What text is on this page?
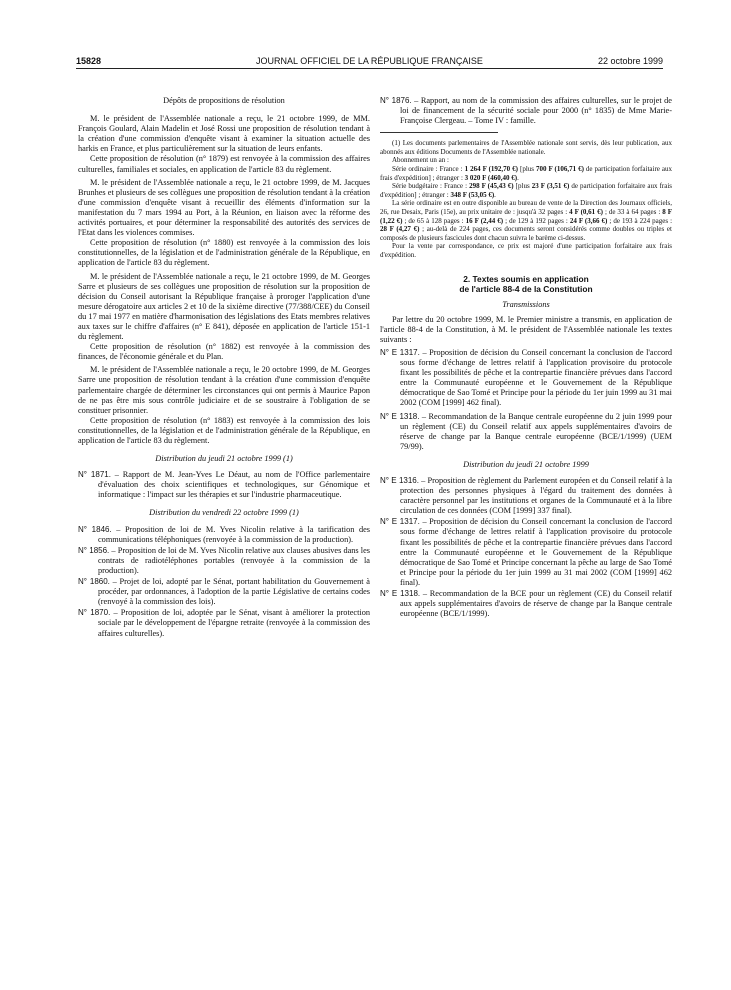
15828	JOURNAL OFFICIEL DE LA RÉPUBLIQUE FRANÇAISE	22 octobre 1999

Dépôts de propositions de résolution

M. le président de l'Assemblée nationale a reçu, le 21 octobre 1999, de MM. François Goulard, Alain Madelin et José Rossi une proposition de résolution tendant à la création d'une commission d'enquête visant à examiner la situation actuelle des harkis en France, et plus particulièrement sur la situation de leurs enfants.

Cette proposition de résolution (n° 1879) est renvoyée à la commission des affaires culturelles, familiales et sociales, en application de l'article 83 du règlement.

M. le président de l'Assemblée nationale a reçu, le 21 octobre 1999, de M. Jacques Brunhes et plusieurs de ses collègues une proposition de résolution tendant à la création d'une commission d'enquête visant à recueillir des éléments d'information sur la manifestation du 7 mars 1994 au Port, à la Réunion, en liaison avec la réforme des activités portuaires, et pour déterminer la responsabilité des autorités des services de l'Etat dans les violences commises.

Cette proposition de résolution (n° 1880) est renvoyée à la commission des lois constitutionnelles, de la législation et de l'administration générale de la République, en application de l'article 83 du règlement.

M. le président de l'Assemblée nationale a reçu, le 21 octobre 1999, de M. Georges Sarre et plusieurs de ses collègues une proposition de résolution sur la proposition de décision du Conseil autorisant la République française à proroger l'application d'une mesure dérogatoire aux articles 2 et 10 de la sixième directive (77/388/CEE) du Conseil du 17 mai 1977 en matière d'harmonisation des législations des Etats membres relatives aux taxes sur le chiffre d'affaires (n° E 841), déposée en application de l'article 151-1 du règlement.

Cette proposition de résolution (n° 1882) est renvoyée à la commission des finances, de l'économie générale et du Plan.

M. le président de l'Assemblée nationale a reçu, le 20 octobre 1999, de M. Georges Sarre une proposition de résolution tendant à la création d'une commission d'enquête parlementaire chargée de déterminer les circonstances qui ont permis à Maurice Papon de ne pas être mis sous contrôle judiciaire et de se soustraire à l'obligation de se constituer prisonnier.

Cette proposition de résolution (n° 1883) est renvoyée à la commission des lois constitutionnelles, de la législation et de l'administration générale de la République, en application de l'article 83 du règlement.

Distribution du jeudi 21 octobre 1999 (1)

N° 1871. – Rapport de M. Jean-Yves Le Déaut, au nom de l'Office parlementaire d'évaluation des choix scientifiques et technologiques, sur Génomique et informatique : l'impact sur les thérapies et sur l'industrie pharmaceutique.

Distribution du vendredi 22 octobre 1999 (1)

N° 1846. – Proposition de loi de M. Yves Nicolin relative à la tarification des communications téléphoniques (renvoyée à la commission de la production).

N° 1856. – Proposition de loi de M. Yves Nicolin relative aux clauses abusives dans les contrats de radiotéléphones portables (renvoyée à la commission de la production).

N° 1860. – Projet de loi, adopté par le Sénat, portant habilitation du Gouvernement à procéder, par ordonnances, à l'adoption de la partie Législative de certains codes (renvoyé à la commission des lois).

N° 1870. – Proposition de loi, adoptée par le Sénat, visant à améliorer la protection sociale par le développement de l'épargne retraite (renvoyée à la commission des affaires culturelles).

N° 1876. – Rapport, au nom de la commission des affaires culturelles, sur le projet de loi de financement de la sécurité sociale pour 2000 (n° 1835) de Mme Marie-Françoise Clergeau. – Tome IV : famille.

(1) Les documents parlementaires de l'Assemblée nationale sont servis, dès leur publication, aux abonnés aux éditions Documents de l'Assemblée nationale.

Abonnement un an :

Série ordinaire : France : 1 264 F (192,70 €) [plus 700 F (106,71 €) de participation forfaitaire aux frais d'expédition] ; étranger : 3 020 F (460,40 €).

Série budgétaire : France : 298 F (45,43 €) [plus 23 F (3,51 €) de participation forfaitaire aux frais d'expédition] ; étranger : 348 F (53,05 €).

La série ordinaire est en outre disponible au bureau de vente de la Direction des Journaux officiels, 26, rue Desaix, Paris (15e), au prix unitaire de : jusqu'à 32 pages : 4 F (0,61 €) ; de 33 à 64 pages : 8 F (1,22 €) ; de 65 à 128 pages : 16 F (2,44 €) ; de 129 à 192 pages : 24 F (3,66 €) ; de 193 à 224 pages : 28 F (4,27 €) ; au-delà de 224 pages, ces documents seront considérés comme doubles ou triples et composés de plusieurs fascicules dont chacun suivra le barème ci-dessus.

Pour la vente par correspondance, ce prix est majoré d'une participation forfaitaire aux frais d'expédition.

2. Textes soumis en application
de l'article 88-4 de la Constitution

Transmissions

Par lettre du 20 octobre 1999, M. le Premier ministre a transmis, en application de l'article 88-4 de la Constitution, à M. le président de l'Assemblée nationale les textes suivants :

N° E 1317. – Proposition de décision du Conseil concernant la conclusion de l'accord sous forme d'échange de lettres relatif à l'application provisoire du protocole fixant les possibilités de pêche et la contrepartie financière prévues dans l'accord entre la Communauté européenne et le Gouvernement de la République démocratique de Sao Tomé et Principe pour la période du 1er juin 1999 au 31 mai 2002 (COM [1999] 462 final).

N° E 1318. – Recommandation de la Banque centrale européenne du 2 juin 1999 pour un règlement (CE) du Conseil relatif aux appels supplémentaires d'avoirs de réserve de change par la Banque centrale européenne (BCE/1/1999) (UEM 79/99).

Distribution du jeudi 21 octobre 1999

N° E 1316. – Proposition de règlement du Parlement européen et du Conseil relatif à la protection des personnes physiques à l'égard du traitement des données à caractère personnel par les institutions et organes de la Communauté et à la libre circulation de ces données (COM [1999] 337 final).

N° E 1317. – Proposition de décision du Conseil concernant la conclusion de l'accord sous forme d'échange de lettres relatif à l'application provisoire du protocole fixant les possibilités de pêche et la contrepartie financière prévues dans l'accord entre la Communauté européenne et le Gouvernement de la République démocratique de Sao Tomé et Principe concernant la pêche au large de Sao Tomé et Principe pour la période du 1er juin 1999 au 31 mai 2002 (COM [1999] 462 final).

N° E 1318. – Recommandation de la BCE pour un règlement (CE) du Conseil relatif aux appels supplémentaires d'avoirs de réserve de change par la Banque centrale européenne (BCE/1/1999).
